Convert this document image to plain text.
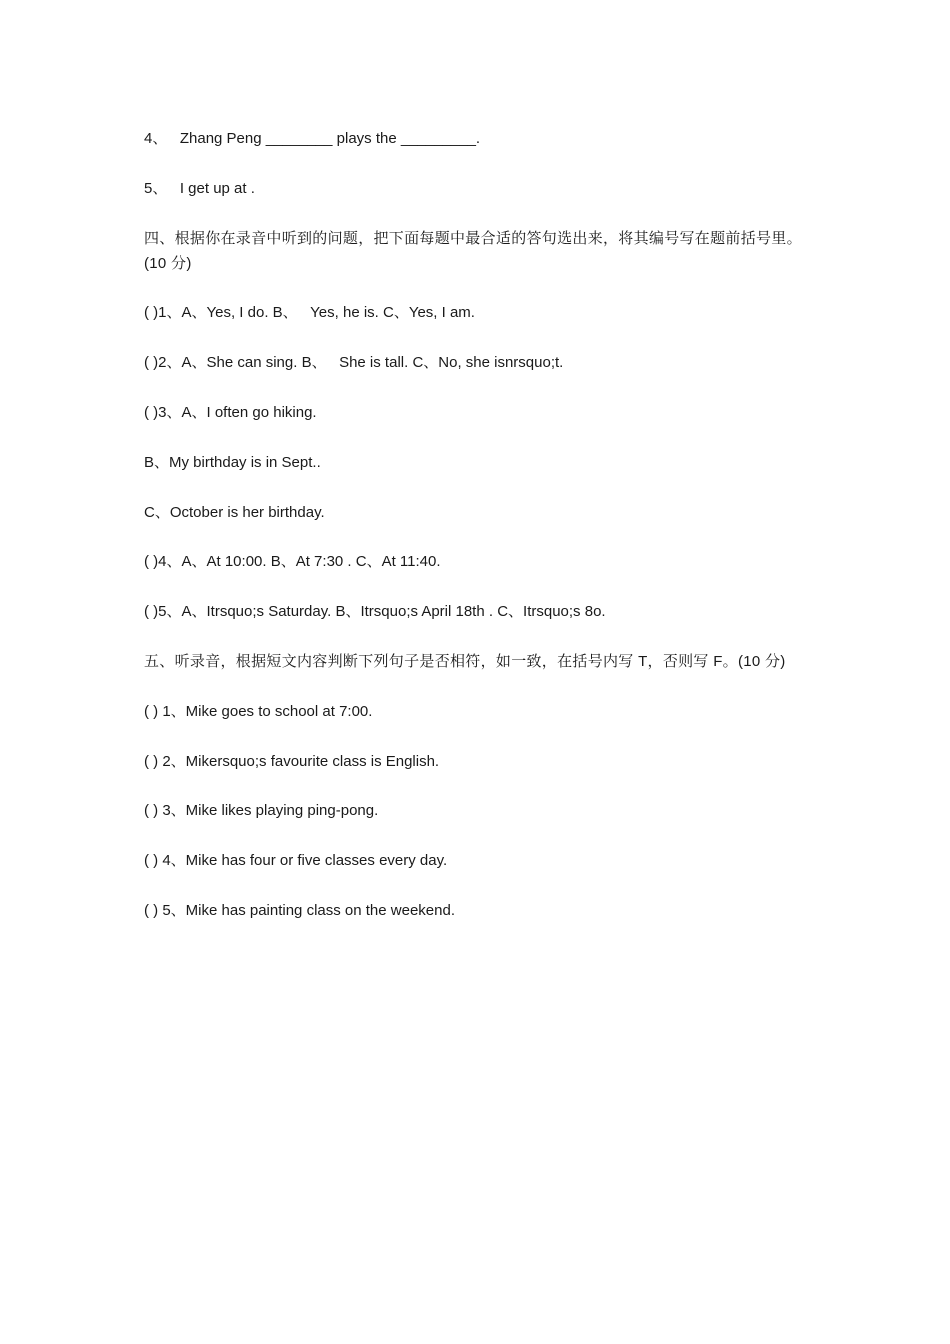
4、   Zhang Peng ________ plays the _________.

5、   I get up at .

四、根据你在录音中听到的问题，把下面每题中最合适的答句选出来，将其编号写在题前括号里。(10 分)

( )1、A、Yes, I do. B、   Yes, he is. C、Yes, I am.

( )2、A、She can sing. B、   She is tall. C、No, she isnrsquo;t.

( )3、A、I often go hiking.

B、My birthday is in Sept..

C、October is her birthday.

( )4、A、At 10:00. B、At 7:30 . C、At 11:40.

( )5、A、Itrsquo;s Saturday. B、Itrsquo;s April 18th . C、Itrsquo;s 8o.

五、听录音，根据短文内容判断下列句子是否相符，如一致，在括号内写 T，否则写 F。(10 分)

( ) 1、Mike goes to school at 7:00.

( ) 2、Mikersquo;s favourite class is English.

( ) 3、Mike likes playing ping-pong.

( ) 4、Mike has four or five classes every day.

( ) 5、Mike has painting class on the weekend.
